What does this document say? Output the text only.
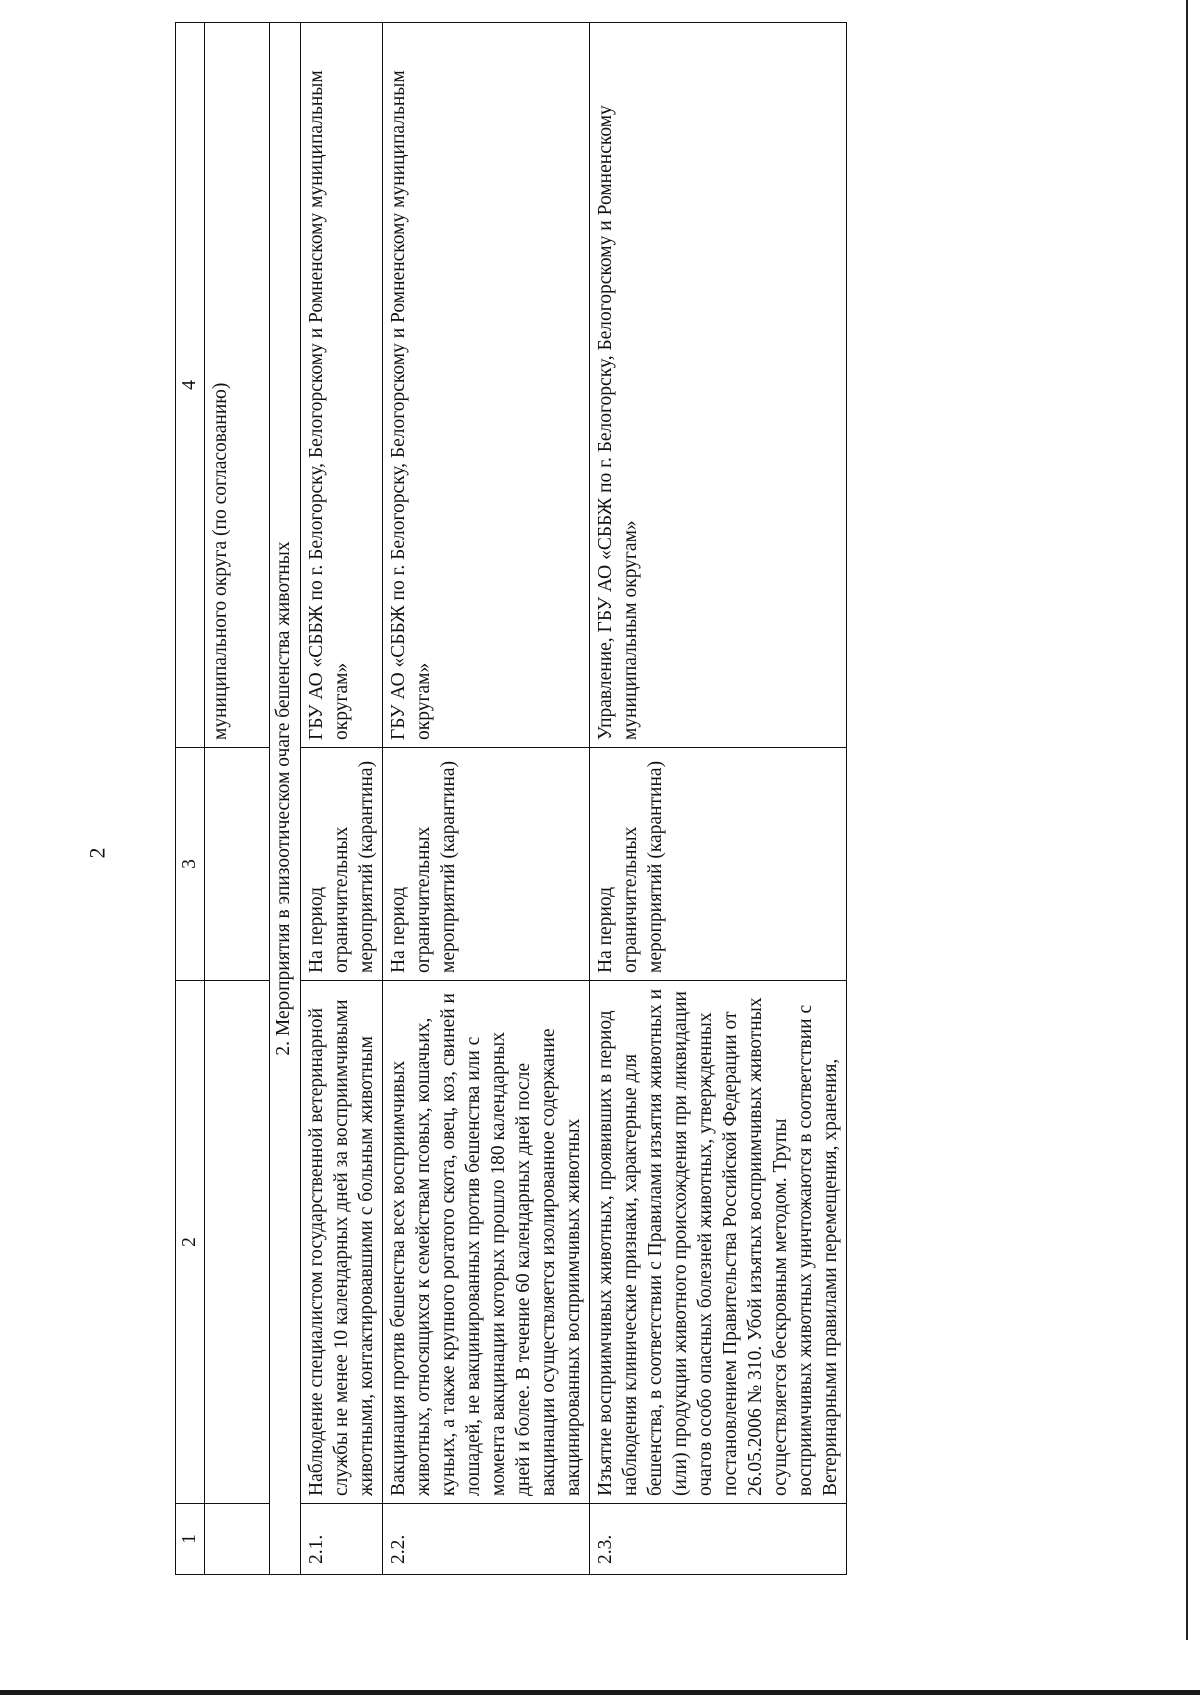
2
1	2	3	4
			муниципального округа (по согласованию)
2. Мероприятия в эпизоотическом очаге бешенства животных			
2.1.	Наблюдение специалистом государственной ветеринарной службы не менее 10 календарных дней за восприимчивыми животными, контактировавшими с больным животным	На период ограничительных мероприятий (карантина)	ГБУ АО «СББЖ по г. Белогорску, Белогорскому и Ромненскому муниципальным округам»
2.2.	Вакцинация против бешенства всех восприимчивых животных, относящихся к семействам псовых, кошачьих, куньих, а также крупного рогатого скота, овец, коз, свиней и лошадей, не вакцинированных против бешенства или с момента вакцинации которых прошло 180 календарных дней и более. В течение 60 календарных дней после вакцинации осуществляется изолированное содержание вакцинированных восприимчивых животных	На период ограничительных мероприятий (карантина)	ГБУ АО «СББЖ по г. Белогорску, Белогорскому и Ромненскому муниципальным округам»
2.3.	Изъятие восприимчивых животных, проявивших в период наблюдения клинические признаки, характерные для бешенства, в соответствии с Правилами изъятия животных и (или) продукции животного происхождения при ликвидации очагов особо опасных болезней животных, утвержденных постановлением Правительства Российской Федерации от 26.05.2006 № 310. Убой изъятых восприимчивых животных осуществляется бескровным методом. Трупы восприимчивых животных уничтожаются в соответствии с Ветеринарными правилами перемещения, хранения,	На период ограничительных мероприятий (карантина)	Управление, ГБУ АО «СББЖ по г. Белогорску, Белогорскому и Ромненскому муниципальным округам»
